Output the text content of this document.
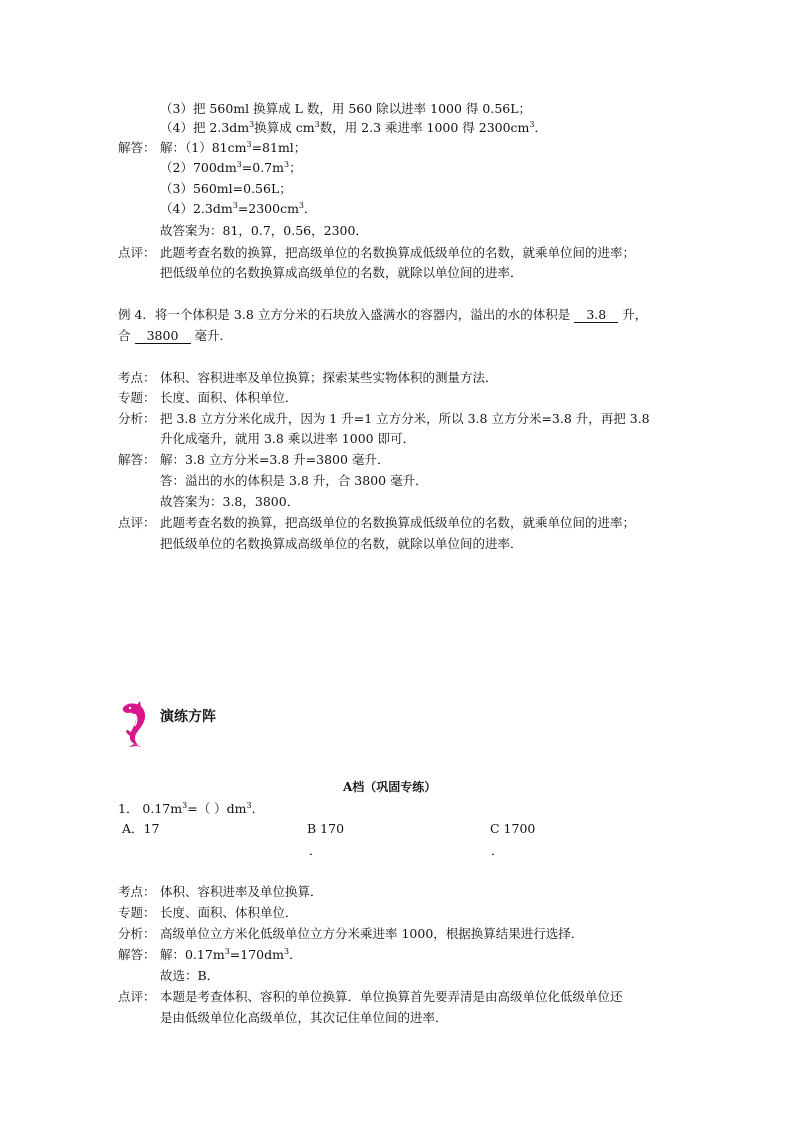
（3）把 560ml 换算成 L 数，用 560 除以进率 1000 得 0.56L；
（4）把 $2.3dm^3$换算成 $cm^3$数，用 2.3 乘进率 1000 得 $2300cm^3$．
解答： 解：$(1)81cm^3=81ml$；
$(2)700dm^3=0.7m^3$；
（3）560ml=0.56L；
$(4)2.3dm^3=2300cm^3$．
故答案为：81，0.7，0.56，2300．
点评： 此题考查名数的换算，把高级单位的名数换算成低级单位的名数，就乘单位间的进率；
把低级单位的名数换算成高级单位的名数，就除以单位间的进率．
例 4．将一个体积是 3.8 立方分米的石块放入盛满水的容器内，溢出的水的体积是 3.8 升，
合 3800 毫升．
考点： 体积、容积进率及单位换算；探索某些实物体积的测量方法．
专题： 长度、面积、体积单位．
分析： 把 3.8 立方分米化成升，因为 1 升=1 立方分米，所以 3.8 立方分米=3.8 升，再把 3.8
升化成毫升，就用 3.8 乘以进率 1000 即可．
解答： 解：3.8 立方分米=3.8 升=3800 毫升．
答：溢出的水的体积是 3.8 升，合 3800 毫升．
故答案为：3.8，3800．
点评： 此题考查名数的换算，把高级单位的名数换算成低级单位的名数，就乘单位间的进率；
把低级单位的名数换算成高级单位的名数，就除以单位间的进率．
演练方阵
A档（巩固专练）
1． $0.17m^3=$（ ）$dm^3$．
A．17	B 170
．
C 1700
．
考点： 体积、容积进率及单位换算．
专题： 长度、面积、体积单位．
分析： 高级单位立方米化低级单位立方分米乘进率 1000，根据换算结果进行选择．
解答： 解：$0.17m^3=170dm^3$．
故选：B．
点评： 本题是考查体积、容积的单位换算．单位换算首先要弄清是由高级单位化低级单位还
是由低级单位化高级单位，其次记住单位间的进率．
